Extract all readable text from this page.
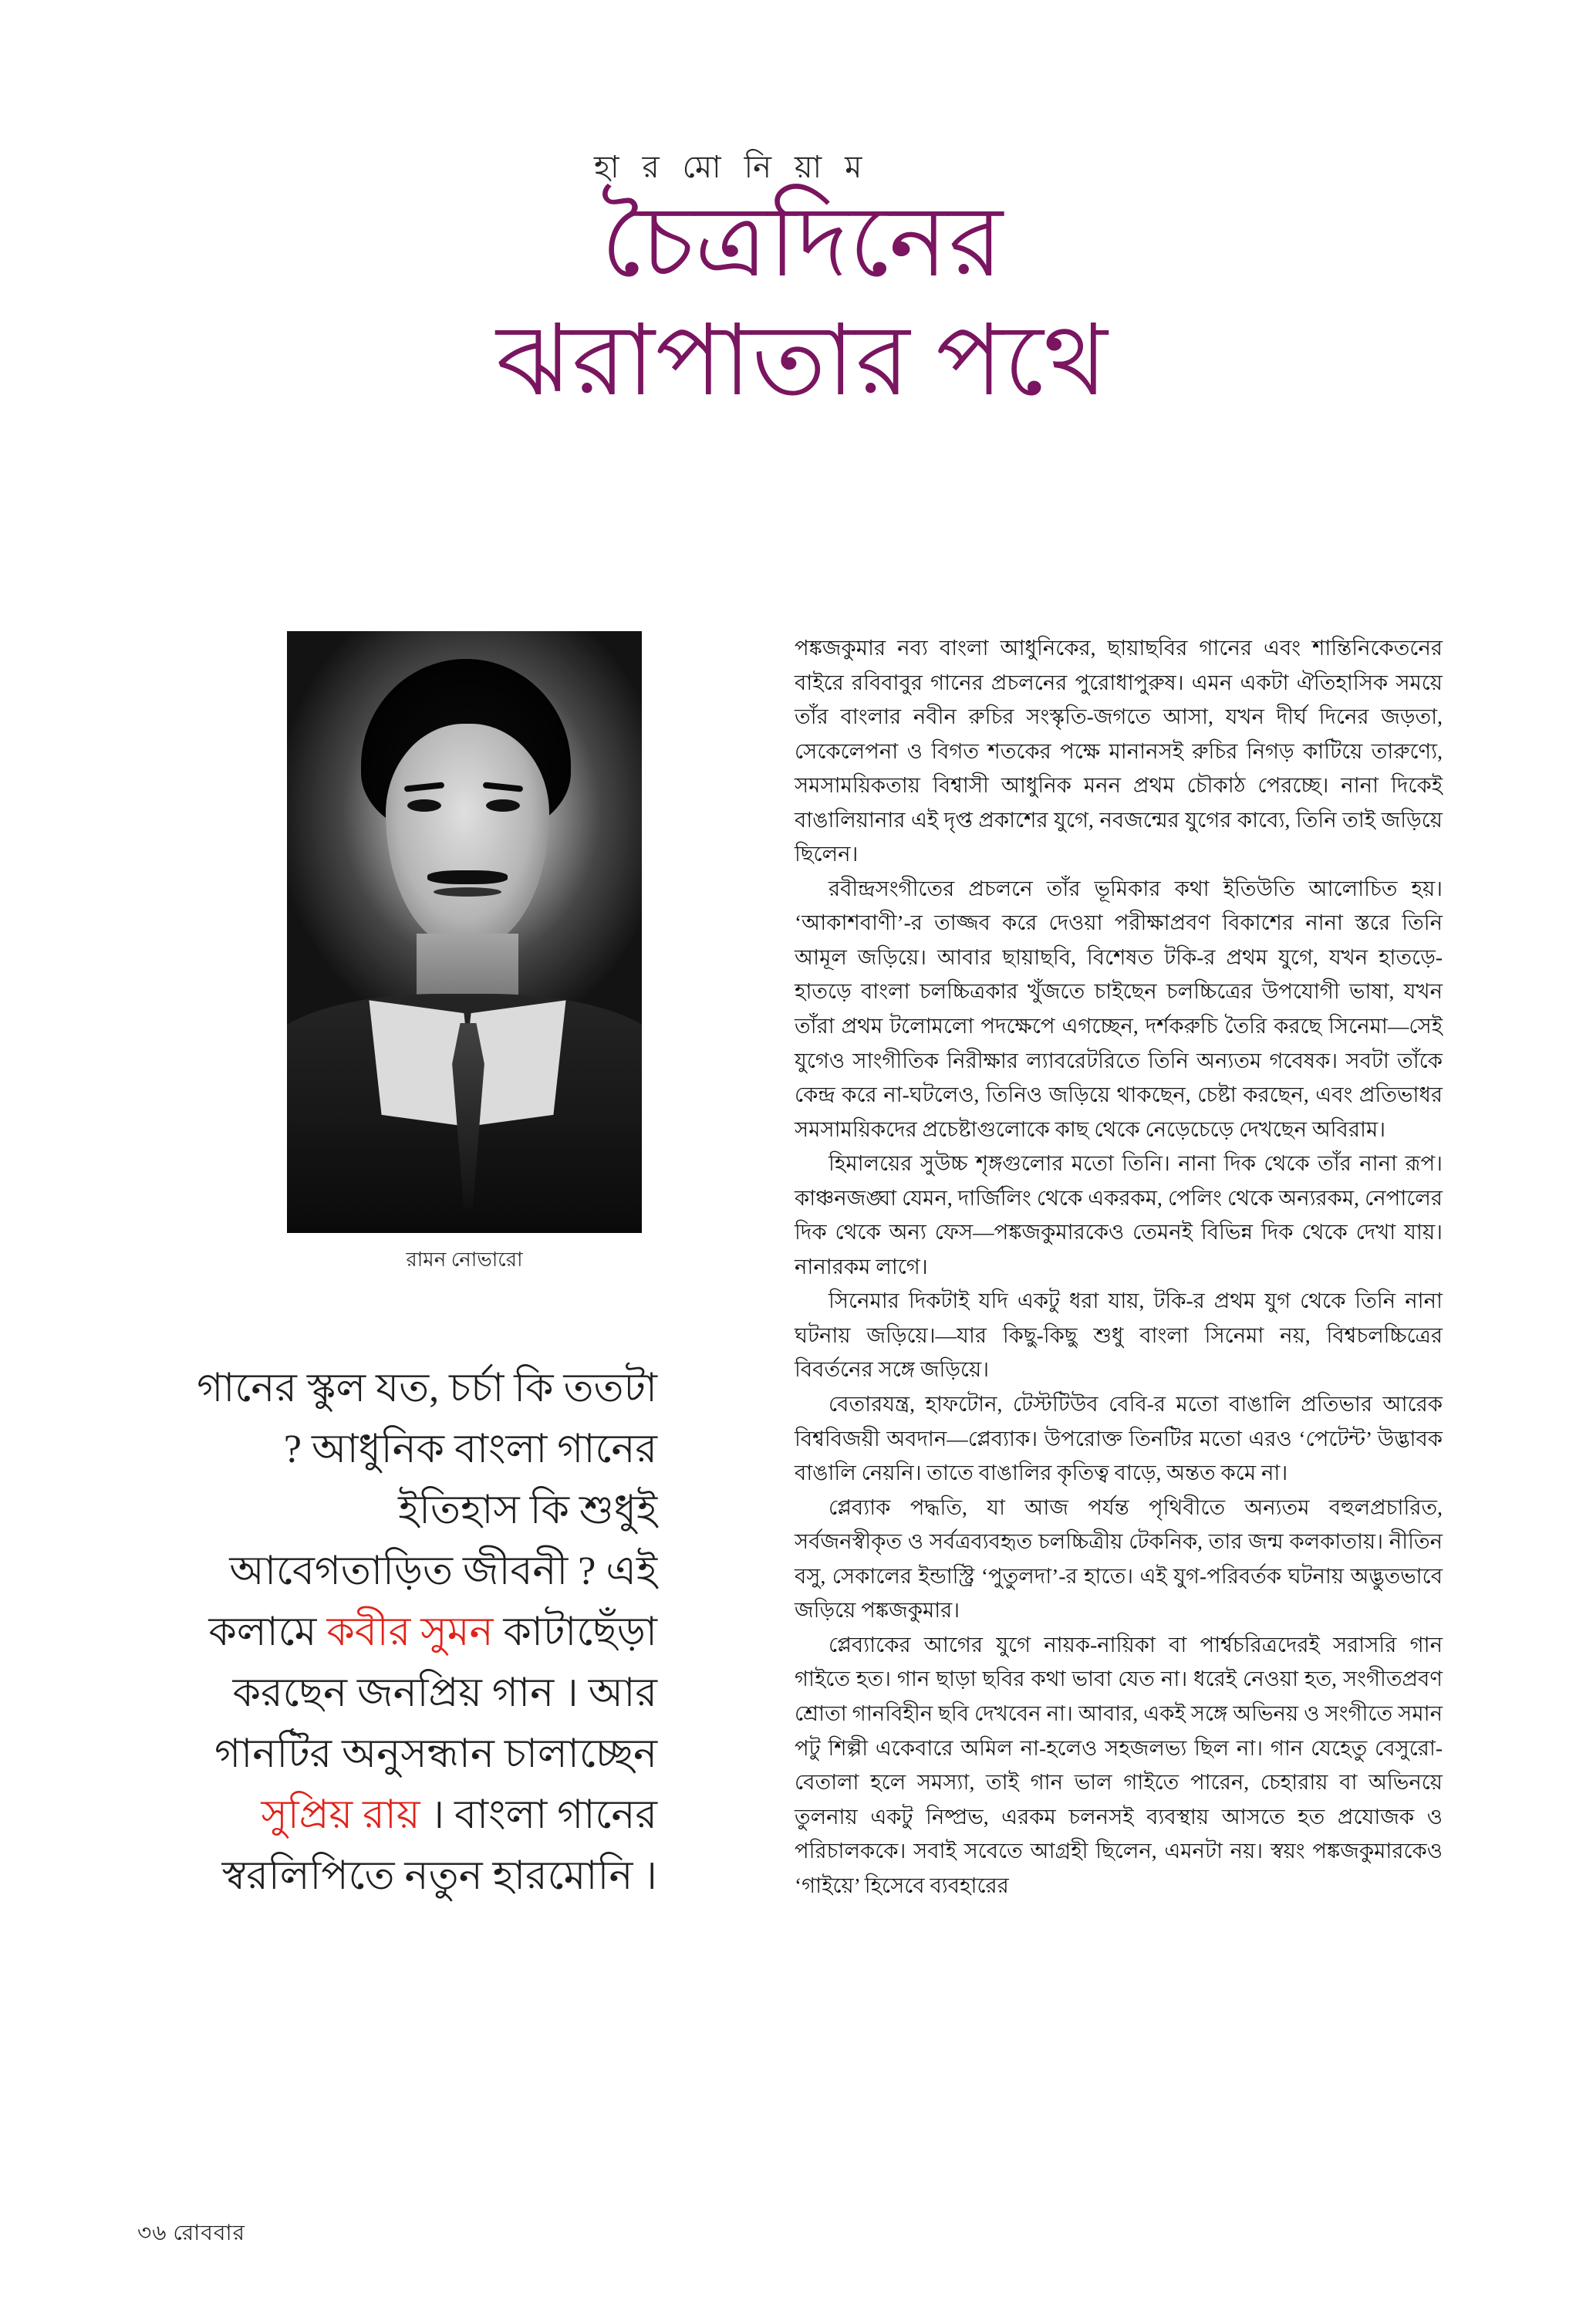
হা র মো নি য়া ম
চৈত্রদিনের
ঝরাপাতার পথে
রামন নোভারো
গানের স্কুল যত, চর্চা কি ততটা ? আধুনিক বাংলা গানের ইতিহাস কি শুধুই আবেগতাড়িত জীবনী ? এই কলামে কবীর সুমন কাটাছেঁড়া করছেন জনপ্রিয় গান । আর গানটির অনুসন্ধান চালাচ্ছেন সুপ্রিয় রায় । বাংলা গানের স্বরলিপিতে নতুন হারমোনি ।

পঙ্কজকুমার নব্য বাংলা আধুনিকের, ছায়াছবির গানের এবং শান্তিনিকেতনের বাইরে রবিবাবুর গানের প্রচলনের পুরোধাপুরুষ। এমন একটা ঐতিহাসিক সময়ে তাঁর বাংলার নবীন রুচির সংস্কৃতি-জগতে আসা, যখন দীর্ঘ দিনের জড়তা, সেকেলেপনা ও বিগত শতকের পক্ষে মানানসই রুচির নিগড় কাটিয়ে তারুণ্যে, সমসাময়িকতায় বিশ্বাসী আধুনিক মনন প্রথম চৌকাঠ পেরচ্ছে। নানা দিকেই বাঙালিয়ানার এই দৃপ্ত প্রকাশের যুগে, নবজন্মের যুগের কাব্যে, তিনি তাই জড়িয়ে ছিলেন।

রবীন্দ্রসংগীতের প্রচলনে তাঁর ভূমিকার কথা ইতিউতি আলোচিত হয়। ‘আকাশবাণী’-র তাজ্জব করে দেওয়া পরীক্ষাপ্রবণ বিকাশের নানা স্তরে তিনি আমূল জড়িয়ে। আবার ছায়াছবি, বিশেষত টকি-র প্রথম যুগে, যখন হাতড়ে-হাতড়ে বাংলা চলচ্চিত্রকার খুঁজতে চাইছেন চলচ্চিত্রের উপযোগী ভাষা, যখন তাঁরা প্রথম টলোমলো পদক্ষেপে এগচ্ছেন, দর্শকরুচি তৈরি করছে সিনেমা—সেই যুগেও সাংগীতিক নিরীক্ষার ল্যাবরেটরিতে তিনি অন্যতম গবেষক। সবটা তাঁকে কেন্দ্র করে না-ঘটলেও, তিনিও জড়িয়ে থাকছেন, চেষ্টা করছেন, এবং প্রতিভাধর সমসাময়িকদের প্রচেষ্টাগুলোকে কাছ থেকে নেড়েচেড়ে দেখছেন অবিরাম।

হিমালয়ের সুউচ্চ শৃঙ্গগুলোর মতো তিনি। নানা দিক থেকে তাঁর নানা রূপ। কাঞ্চনজঙ্ঘা যেমন, দার্জিলিং থেকে একরকম, পেলিং থেকে অন্যরকম, নেপালের দিক থেকে অন্য ফেস—পঙ্কজকুমারকেও তেমনই বিভিন্ন দিক থেকে দেখা যায়। নানারকম লাগে।

সিনেমার দিকটাই যদি একটু ধরা যায়, টকি-র প্রথম যুগ থেকে তিনি নানা ঘটনায় জড়িয়ে।—যার কিছু-কিছু শুধু বাংলা সিনেমা নয়, বিশ্বচলচ্চিত্রের বিবর্তনের সঙ্গে জড়িয়ে।

বেতারযন্ত্র, হাফটোন, টেস্টটিউব বেবি-র মতো বাঙালি প্রতিভার আরেক বিশ্ববিজয়ী অবদান—প্লেব্যাক। উপরোক্ত তিনটির মতো এরও ‘পেটেন্ট’ উদ্ভাবক বাঙালি নেয়নি। তাতে বাঙালির কৃতিত্ব বাড়ে, অন্তত কমে না।

প্লেব্যাক পদ্ধতি, যা আজ পর্যন্ত পৃথিবীতে অন্যতম বহুলপ্রচারিত, সর্বজনস্বীকৃত ও সর্বত্রব্যবহৃত চলচ্চিত্রীয় টেকনিক, তার জন্ম কলকাতায়। নীতিন বসু, সেকালের ইন্ডাস্ট্রি ‘পুতুলদা’-র হাতে। এই যুগ-পরিবর্তক ঘটনায় অদ্ভুতভাবে জড়িয়ে পঙ্কজকুমার।

প্লেব্যাকের আগের যুগে নায়ক-নায়িকা বা পার্শ্বচরিত্রদেরই সরাসরি গান গাইতে হত। গান ছাড়া ছবির কথা ভাবা যেত না। ধরেই নেওয়া হত, সংগীতপ্রবণ শ্রোতা গানবিহীন ছবি দেখবেন না। আবার, একই সঙ্গে অভিনয় ও সংগীতে সমান পটু শিল্পী একেবারে অমিল না-হলেও সহজলভ্য ছিল না। গান যেহেতু বেসুরো-বেতালা হলে সমস্যা, তাই গান ভাল গাইতে পারেন, চেহারায় বা অভিনয়ে তুলনায় একটু নিষ্প্রভ, এরকম চলনসই ব্যবস্থায় আসতে হত প্রযোজক ও পরিচালককে। সবাই সবেতে আগ্রহী ছিলেন, এমনটা নয়। স্বয়ং পঙ্কজকুমারকেও ‘গাইয়ে’ হিসেবে ব্যবহারের

৩৬ রোববার
